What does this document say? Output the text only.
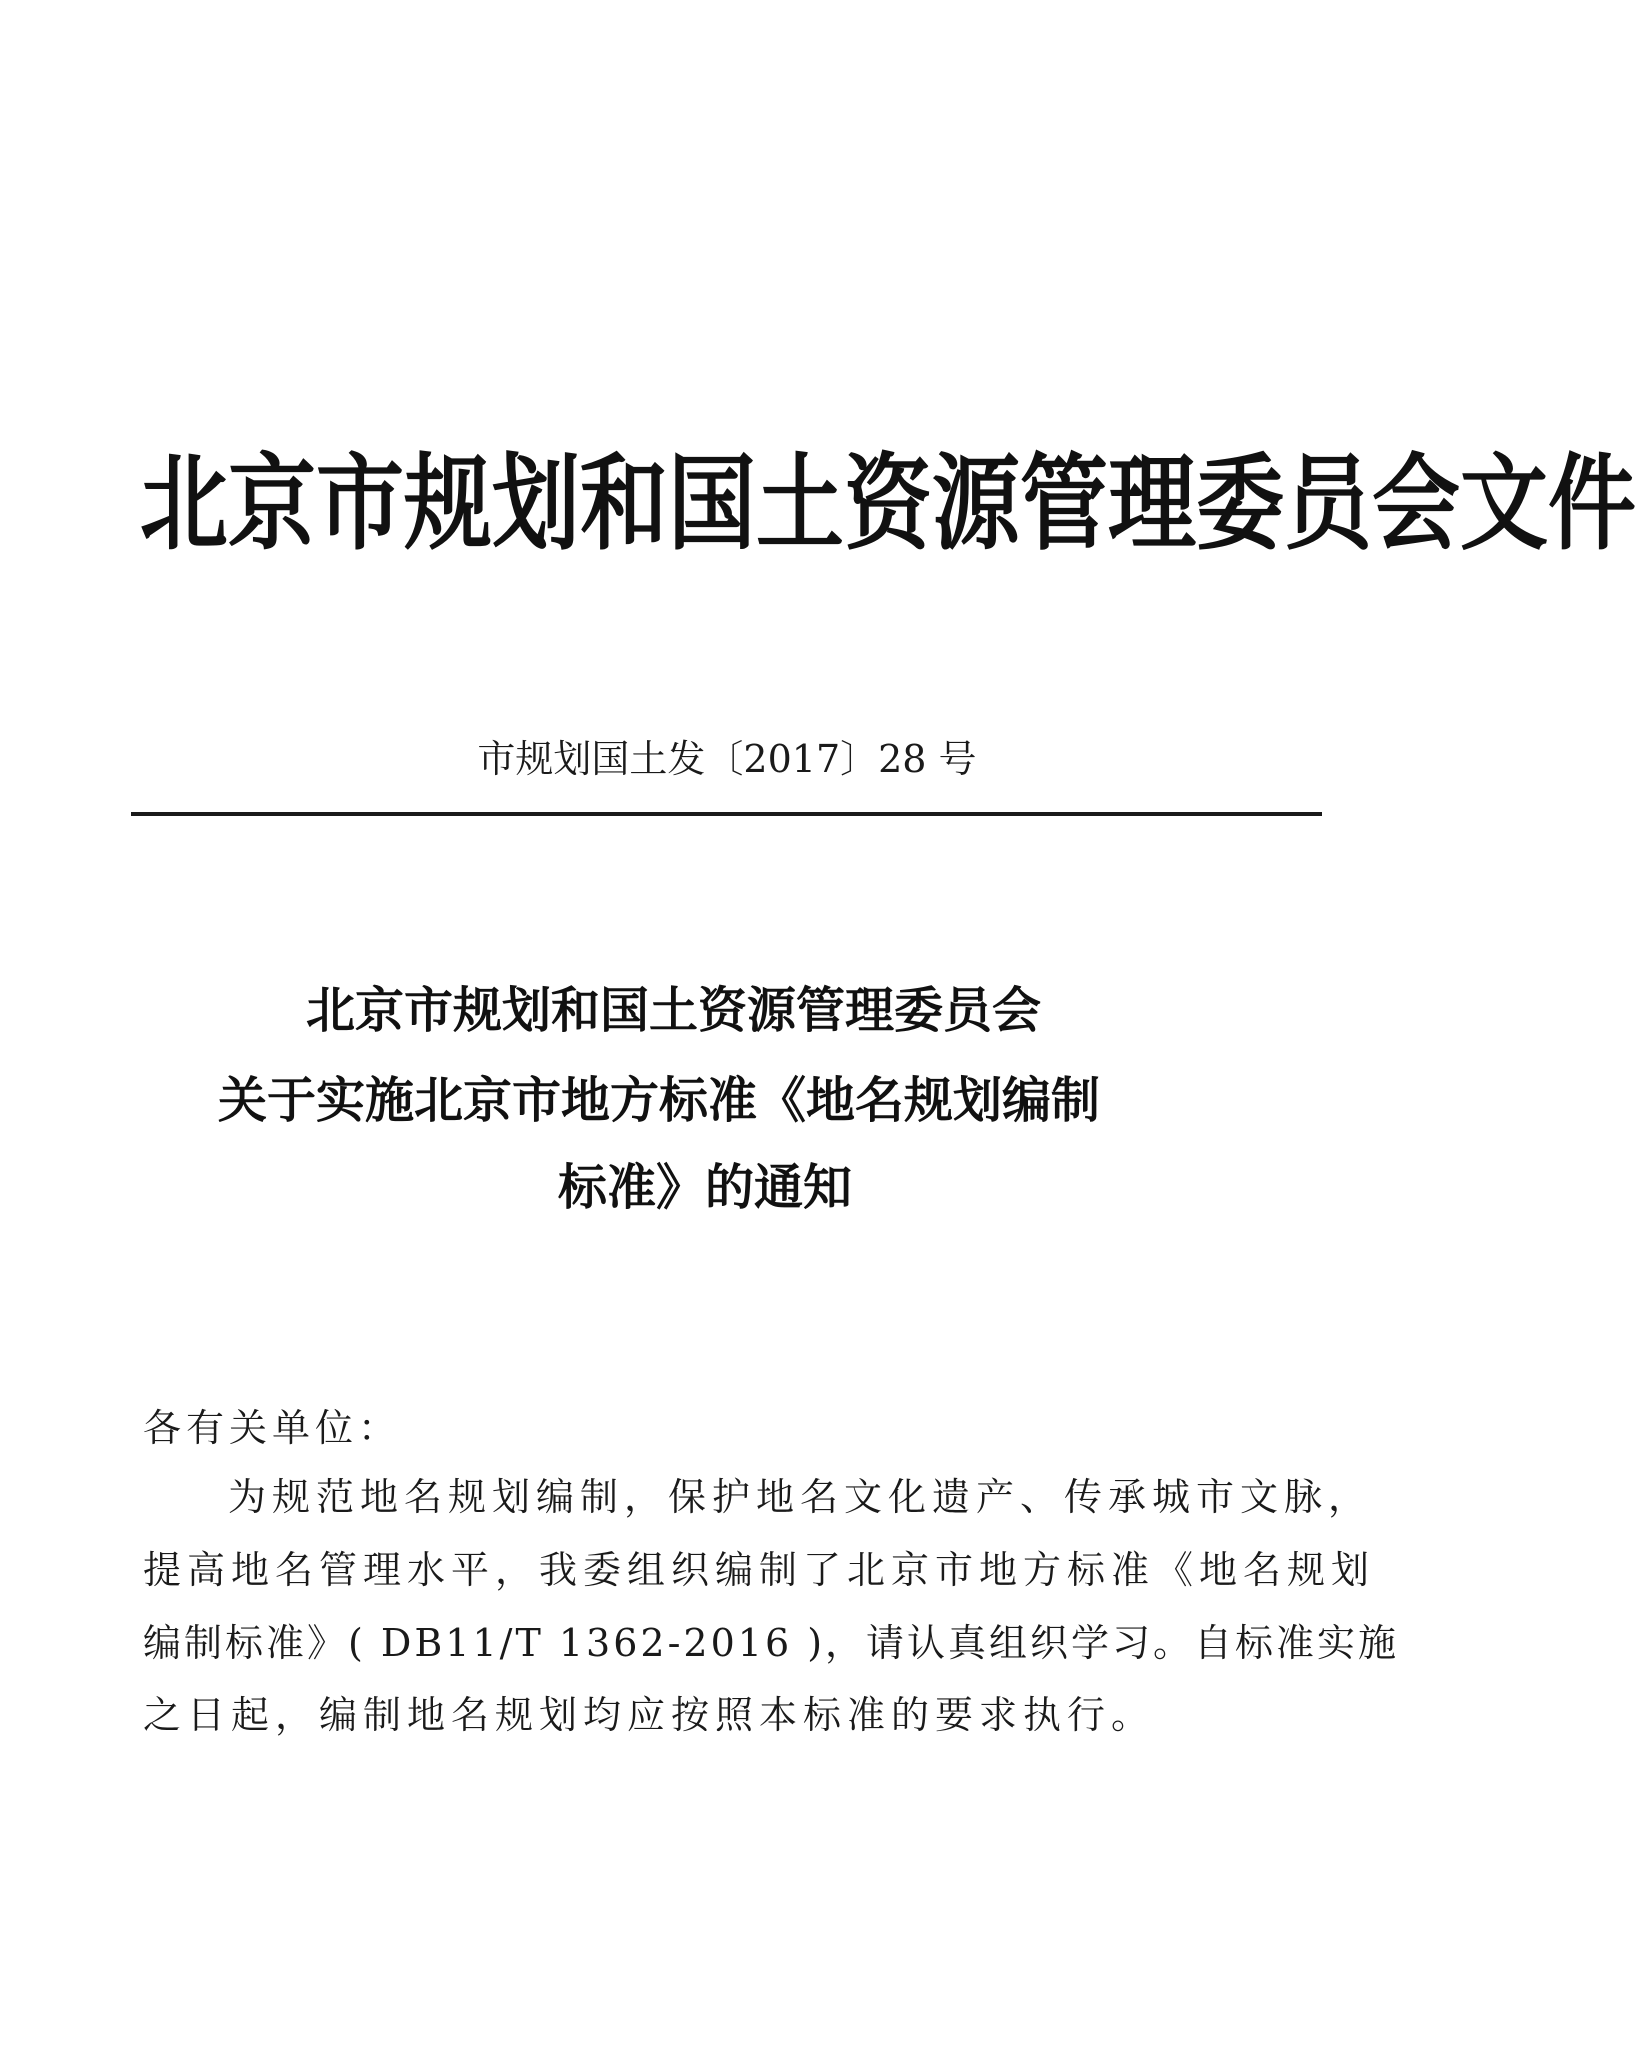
北京市规划和国土资源管理委员会文件
市规划国土发〔2017〕28 号
北京市规划和国土资源管理委员会
关于实施北京市地方标准《地名规划编制
标准》的通知
各有关单位：
为规范地名规划编制，保护地名文化遗产、传承城市文脉，
提高地名管理水平，我委组织编制了北京市地方标准《地名规划
编制标准》( DB11/T 1362-2016 )，请认真组织学习。自标准实施
之日起，编制地名规划均应按照本标准的要求执行。
